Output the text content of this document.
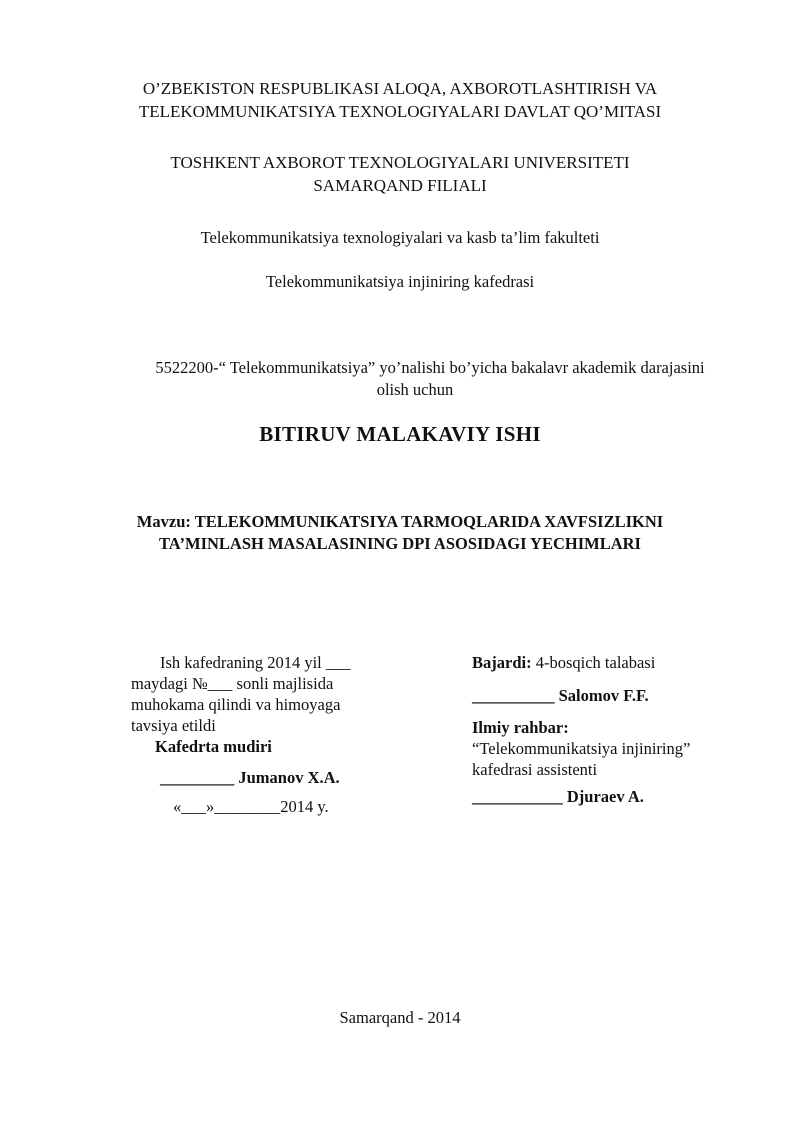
O’ZBEKISTON RESPUBLIKASI ALOQA, AXBOROTLASHTIRISH VA
TELEKOMMUNIKATSIYA TEXNOLOGIYALARI DAVLAT QO’MITASI
TOSHKENT AXBOROT TEXNOLOGIYALARI UNIVERSITETI
SAMARQAND FILIALI
Telekommunikatsiya texnologiyalari va kasb ta’lim fakulteti
Telekommunikatsiya injiniring kafedrasi
5522200-“ Telekommunikatsiya” yo’nalishi bo’yicha bakalavr akademik darajasini
olish uchun
BITIRUV MALAKAVIY ISHI
Mavzu: TELEKOMMUNIKATSIYA TARMOQLARIDA XAVFSIZLIKNI
TA’MINLASH MASALASINING DPI ASOSIDAGI YECHIMLARI
Ish kafedraning 2014 yil ___
maydagi №___ sonli majlisida
muhokama qilindi va himoyaga
tavsiya etildi
Kafedrta mudiri
_________ Jumanov X.A.
«___»________2014 y.
Bajardi: 4-bosqich talabasi
__________ Salomov F.F.
Ilmiy rahbar:
“Telekommunikatsiya injiniring”
kafedrasi assistenti
___________ Djuraev A.
Samarqand - 2014
